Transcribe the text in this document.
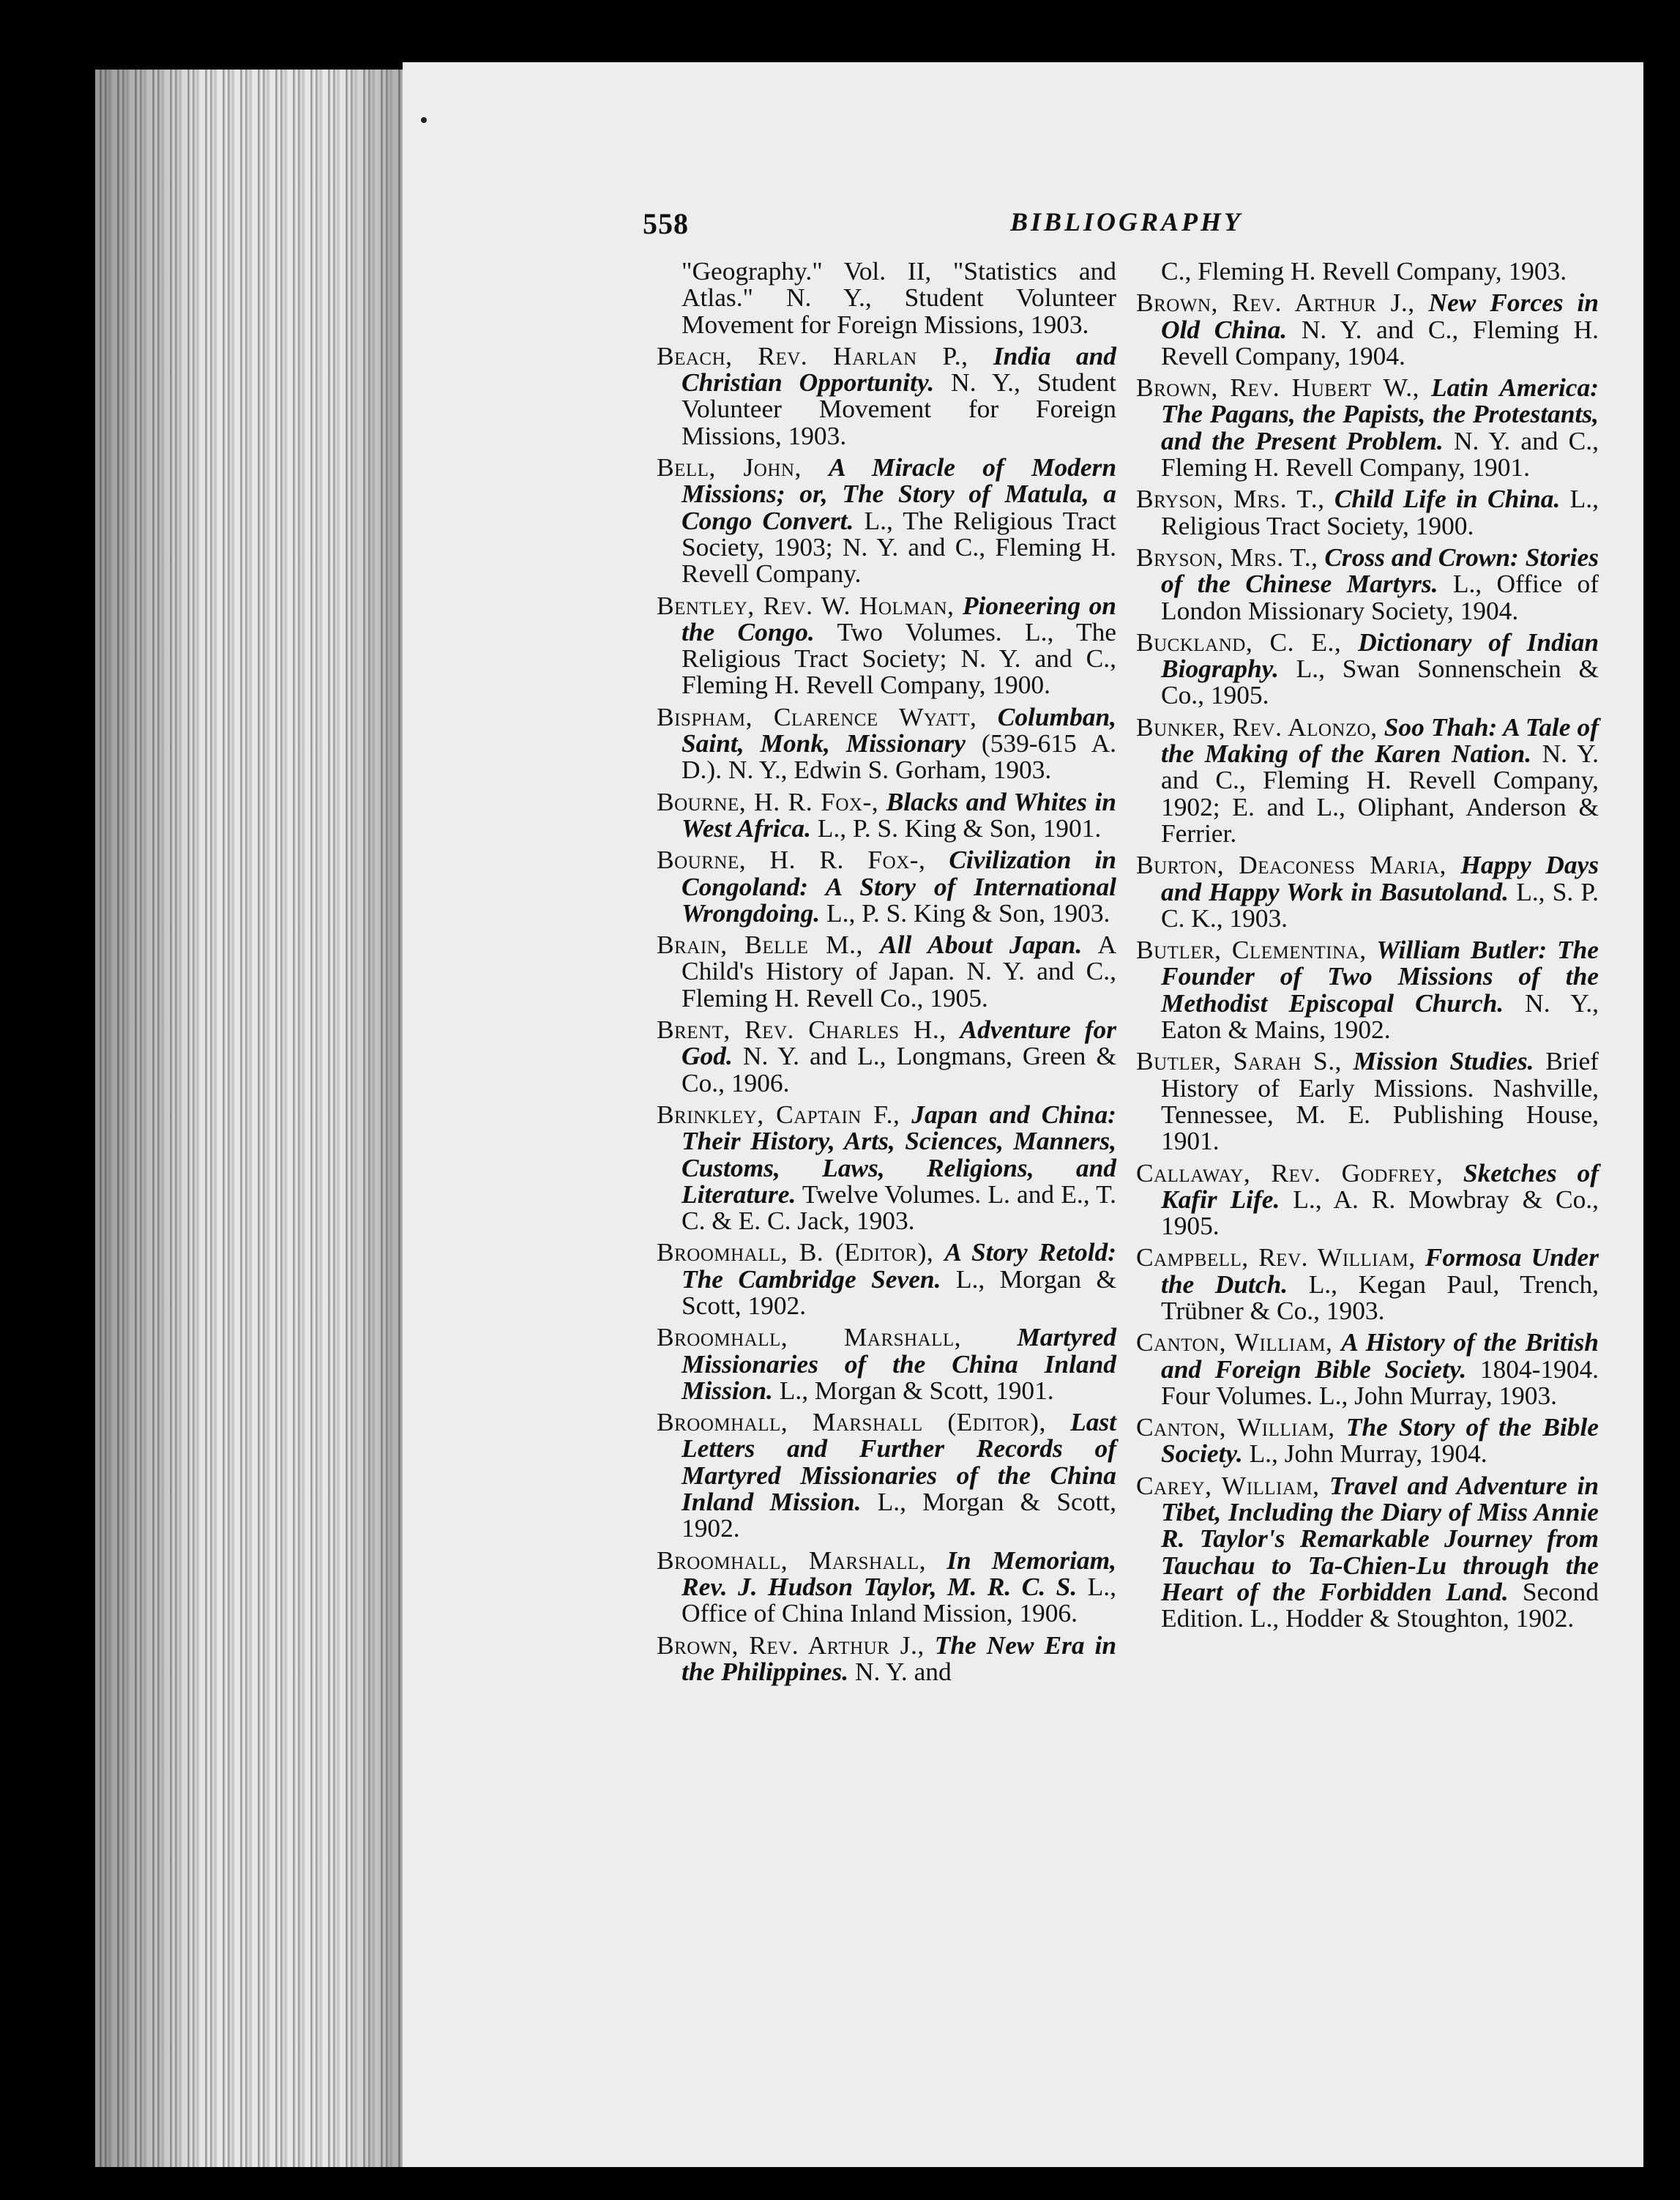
558	BIBLIOGRAPHY

"Geography." Vol. II, "Statistics and Atlas." N. Y., Student Volunteer Movement for Foreign Missions, 1903.

Beach, Rev. Harlan P., India and Christian Opportunity. N. Y., Student Volunteer Movement for Foreign Missions, 1903.

Bell, John, A Miracle of Modern Missions; or, The Story of Matula, a Congo Convert. L., The Religious Tract Society, 1903; N. Y. and C., Fleming H. Revell Company.

Bentley, Rev. W. Holman, Pioneering on the Congo. Two Volumes. L., The Religious Tract Society; N. Y. and C., Fleming H. Revell Company, 1900.

Bispham, Clarence Wyatt, Columban, Saint, Monk, Missionary (539-615 A. D.). N. Y., Edwin S. Gorham, 1903.

Bourne, H. R. Fox-, Blacks and Whites in West Africa. L., P. S. King & Son, 1901.

Bourne, H. R. Fox-, Civilization in Congoland: A Story of International Wrongdoing. L., P. S. King & Son, 1903.

Brain, Belle M., All About Japan. A Child's History of Japan. N. Y. and C., Fleming H. Revell Co., 1905.

Brent, Rev. Charles H., Adventure for God. N. Y. and L., Longmans, Green & Co., 1906.

Brinkley, Captain F., Japan and China: Their History, Arts, Sciences, Manners, Customs, Laws, Religions, and Literature. Twelve Volumes. L. and E., T. C. & E. C. Jack, 1903.

Broomhall, B. (Editor), A Story Retold: The Cambridge Seven. L., Morgan & Scott, 1902.

Broomhall, Marshall, Martyred Missionaries of the China Inland Mission. L., Morgan & Scott, 1901.

Broomhall, Marshall (Editor), Last Letters and Further Records of Martyred Missionaries of the China Inland Mission. L., Morgan & Scott, 1902.

Broomhall, Marshall, In Memoriam, Rev. J. Hudson Taylor, M. R. C. S. L., Office of China Inland Mission, 1906.

Brown, Rev. Arthur J., The New Era in the Philippines. N. Y. and

C., Fleming H. Revell Company, 1903.

Brown, Rev. Arthur J., New Forces in Old China. N. Y. and C., Fleming H. Revell Company, 1904.

Brown, Rev. Hubert W., Latin America: The Pagans, the Papists, the Protestants, and the Present Problem. N. Y. and C., Fleming H. Revell Company, 1901.

Bryson, Mrs. T., Child Life in China. L., Religious Tract Society, 1900.

Bryson, Mrs. T., Cross and Crown: Stories of the Chinese Martyrs. L., Office of London Missionary Society, 1904.

Buckland, C. E., Dictionary of Indian Biography. L., Swan Sonnenschein & Co., 1905.

Bunker, Rev. Alonzo, Soo Thah: A Tale of the Making of the Karen Nation. N. Y. and C., Fleming H. Revell Company, 1902; E. and L., Oliphant, Anderson & Ferrier.

Burton, Deaconess Maria, Happy Days and Happy Work in Basutoland. L., S. P. C. K., 1903.

Butler, Clementina, William Butler: The Founder of Two Missions of the Methodist Episcopal Church. N. Y., Eaton & Mains, 1902.

Butler, Sarah S., Mission Studies. Brief History of Early Missions. Nashville, Tennessee, M. E. Publishing House, 1901.

Callaway, Rev. Godfrey, Sketches of Kafir Life. L., A. R. Mowbray & Co., 1905.

Campbell, Rev. William, Formosa Under the Dutch. L., Kegan Paul, Trench, Trübner & Co., 1903.

Canton, William, A History of the British and Foreign Bible Society. 1804-1904. Four Volumes. L., John Murray, 1903.

Canton, William, The Story of the Bible Society. L., John Murray, 1904.

Carey, William, Travel and Adventure in Tibet, Including the Diary of Miss Annie R. Taylor's Remarkable Journey from Tauchau to Ta-Chien-Lu through the Heart of the Forbidden Land. Second Edition. L., Hodder & Stoughton, 1902.
